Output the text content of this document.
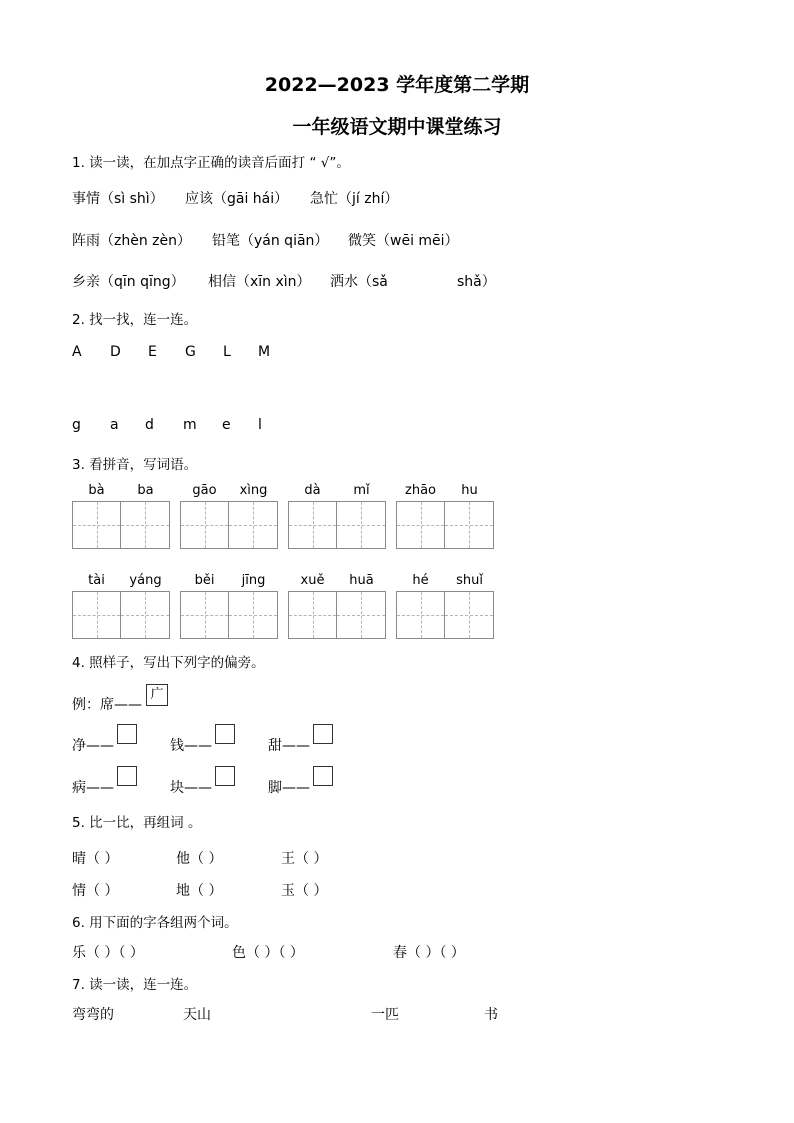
2022—2023 学年度第二学期
一年级语文期中课堂练习
1. 读一读，在加点字正确的读音后面打 “ √”。
事情（sì shì） 应该（gāi hái） 急忙（jí zhí）
阵雨（zhèn zèn） 铅笔（yán qiān） 微笑（wēi mēi）
乡亲（qīn qīng） 相信（xīn xìn） 洒水（sǎ	shǎ）
2. 找一找，连一连。
A D E G L M
g a d m e l
3. 看拼音，写词语。
bà	ba	gāo	xìng	dà	mǐ	zhāo	hu
tài	yáng	běi	jīng	xuě	huā	hé	shuǐ
4. 照样子，写出下列字的偏旁。
例：席——
广
净——	钱——	甜——
病——	块——	脚——
5. 比一比，再组词 。
晴（ ）	他（ ）	王（ ）
情（ ）	地（ ）	玉（ ）
6. 用下面的字各组两个词。
乐（ ）（ ）	色（ ）（ ）	春（ ）（ ）
7. 读一读，连一连。
弯弯的	天山	一匹	书
